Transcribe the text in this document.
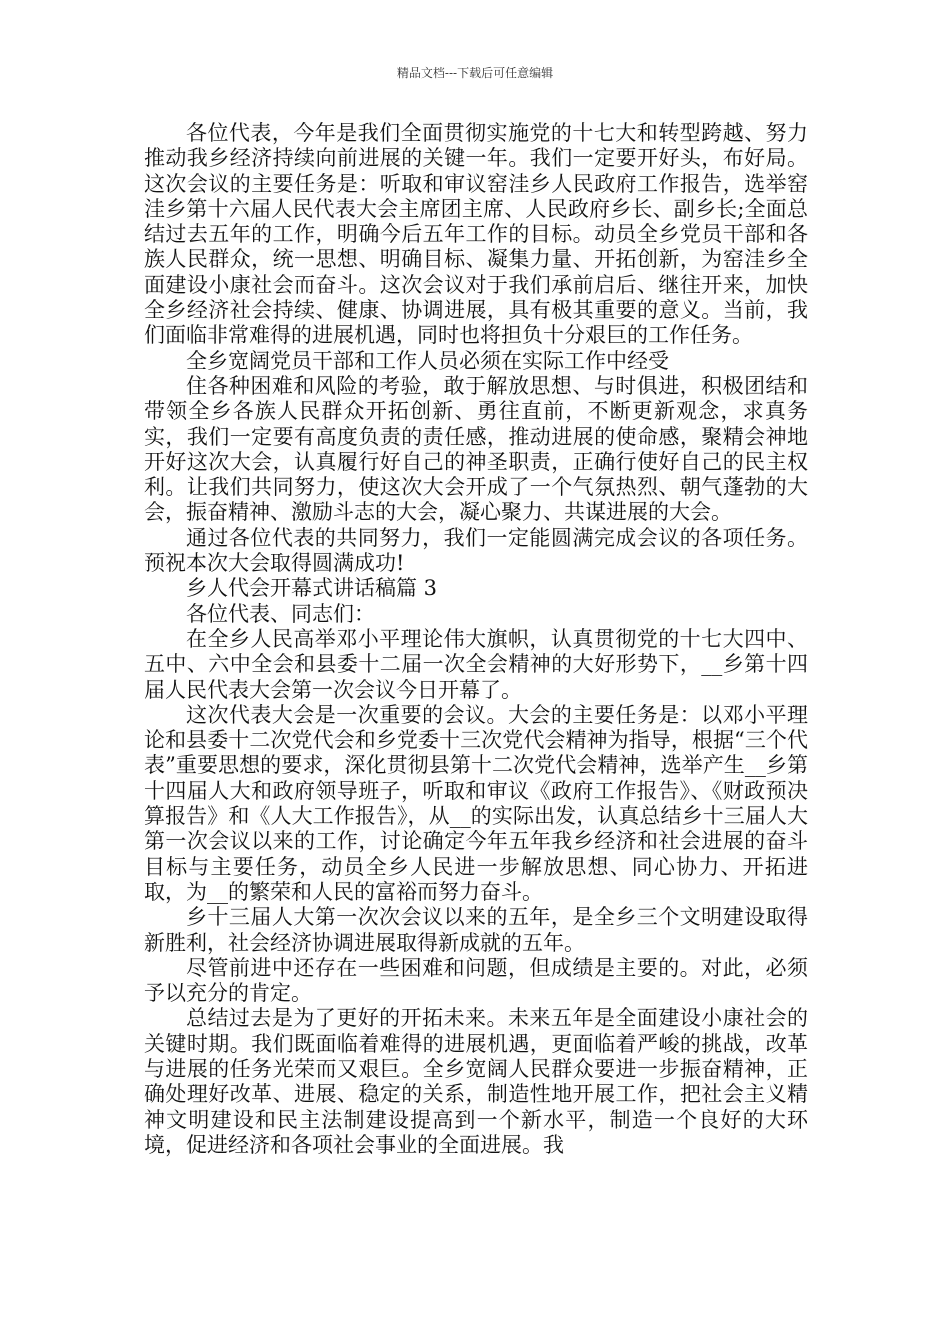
精品文档---下载后可任意编辑

各位代表，今年是我们全面贯彻实施党的十七大和转型跨越、努力推动我乡经济持续向前进展的关键一年。我们一定要开好头，布好局。这次会议的主要任务是：听取和审议窑洼乡人民政府工作报告，选举窑洼乡第十六届人民代表大会主席团主席、人民政府乡长、副乡长;全面总结过去五年的工作，明确今后五年工作的目标。动员全乡党员干部和各族人民群众，统一思想、明确目标、凝集力量、开拓创新，为窑洼乡全面建设小康社会而奋斗。这次会议对于我们承前启后、继往开来，加快全乡经济社会持续、健康、协调进展，具有极其重要的意义。当前，我们面临非常难得的进展机遇，同时也将担负十分艰巨的工作任务。

全乡宽阔党员干部和工作人员必须在实际工作中经受

住各种困难和风险的考验，敢于解放思想、与时俱进，积极团结和带领全乡各族人民群众开拓创新、勇往直前，不断更新观念，求真务实，我们一定要有高度负责的责任感，推动进展的使命感，聚精会神地开好这次大会，认真履行好自己的神圣职责，正确行使好自己的民主权利。让我们共同努力，使这次大会开成了一个气氛热烈、朝气蓬勃的大会，振奋精神、激励斗志的大会，凝心聚力、共谋进展的大会。

通过各位代表的共同努力，我们一定能圆满完成会议的各项任务。预祝本次大会取得圆满成功!

乡人代会开幕式讲话稿篇 3

各位代表、同志们：

在全乡人民高举邓小平理论伟大旗帜，认真贯彻党的十七大四中、五中、六中全会和县委十二届一次全会精神的大好形势下，__乡第十四届人民代表大会第一次会议今日开幕了。

这次代表大会是一次重要的会议。大会的主要任务是：以邓小平理论和县委十二次党代会和乡党委十三次党代会精神为指导，根据“三个代表”重要思想的要求，深化贯彻县第十二次党代会精神，选举产生__乡第十四届人大和政府领导班子，听取和审议《政府工作报告》、《财政预决算报告》和《人大工作报告》，从__的实际出发，认真总结乡十三届人大第一次会议以来的工作，讨论确定今年五年我乡经济和社会进展的奋斗目标与主要任务，动员全乡人民进一步解放思想、同心协力、开拓进取，为__的繁荣和人民的富裕而努力奋斗。

乡十三届人大第一次次会议以来的五年，是全乡三个文明建设取得新胜利，社会经济协调进展取得新成就的五年。

尽管前进中还存在一些困难和问题，但成绩是主要的。对此，必须予以充分的肯定。

总结过去是为了更好的开拓未来。未来五年是全面建设小康社会的关键时期。我们既面临着难得的进展机遇，更面临着严峻的挑战，改革与进展的任务光荣而又艰巨。全乡宽阔人民群众要进一步振奋精神，正确处理好改革、进展、稳定的关系，制造性地开展工作，把社会主义精神文明建设和民主法制建设提高到一个新水平，制造一个良好的大环境，促进经济和各项社会事业的全面进展。我
